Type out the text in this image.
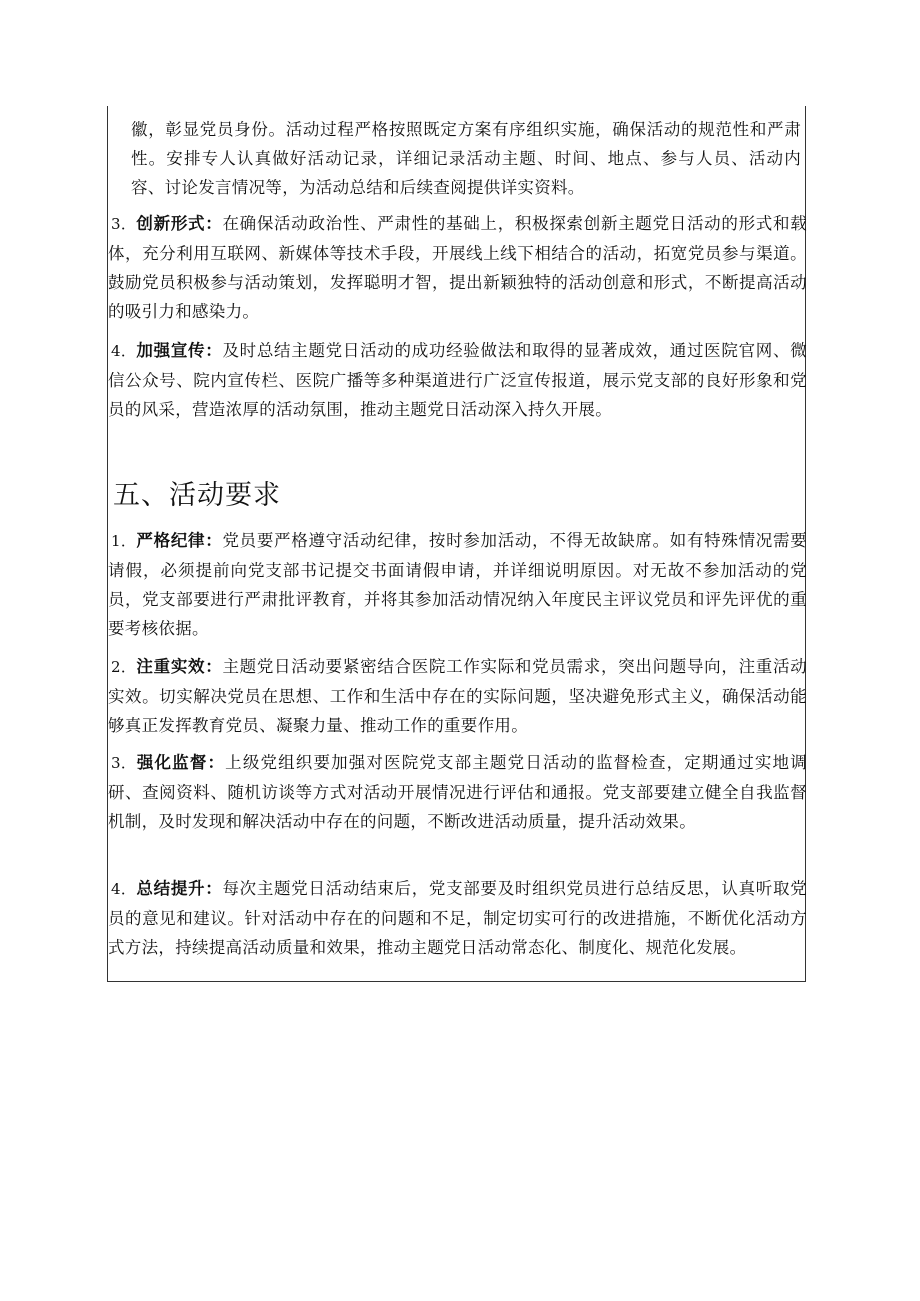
徽，彰显党员身份。活动过程严格按照既定方案有序组织实施，确保活动的规范性和严肃性。安排专人认真做好活动记录，详细记录活动主题、时间、地点、参与人员、活动内容、讨论发言情况等，为活动总结和后续查阅提供详实资料。

3．创新形式：在确保活动政治性、严肃性的基础上，积极探索创新主题党日活动的形式和载体，充分利用互联网、新媒体等技术手段，开展线上线下相结合的活动，拓宽党员参与渠道。鼓励党员积极参与活动策划，发挥聪明才智，提出新颖独特的活动创意和形式，不断提高活动的吸引力和感染力。

4．加强宣传：及时总结主题党日活动的成功经验做法和取得的显著成效，通过医院官网、微信公众号、院内宣传栏、医院广播等多种渠道进行广泛宣传报道，展示党支部的良好形象和党员的风采，营造浓厚的活动氛围，推动主题党日活动深入持久开展。

五、活动要求

1．严格纪律：党员要严格遵守活动纪律，按时参加活动，不得无故缺席。如有特殊情况需要请假，必须提前向党支部书记提交书面请假申请，并详细说明原因。对无故不参加活动的党员，党支部要进行严肃批评教育，并将其参加活动情况纳入年度民主评议党员和评先评优的重要考核依据。

2．注重实效：主题党日活动要紧密结合医院工作实际和党员需求，突出问题导向，注重活动实效。切实解决党员在思想、工作和生活中存在的实际问题，坚决避免形式主义，确保活动能够真正发挥教育党员、凝聚力量、推动工作的重要作用。

3．强化监督：上级党组织要加强对医院党支部主题党日活动的监督检查，定期通过实地调研、查阅资料、随机访谈等方式对活动开展情况进行评估和通报。党支部要建立健全自我监督机制，及时发现和解决活动中存在的问题，不断改进活动质量，提升活动效果。

4．总结提升：每次主题党日活动结束后，党支部要及时组织党员进行总结反思，认真听取党员的意见和建议。针对活动中存在的问题和不足，制定切实可行的改进措施，不断优化活动方式方法，持续提高活动质量和效果，推动主题党日活动常态化、制度化、规范化发展。
